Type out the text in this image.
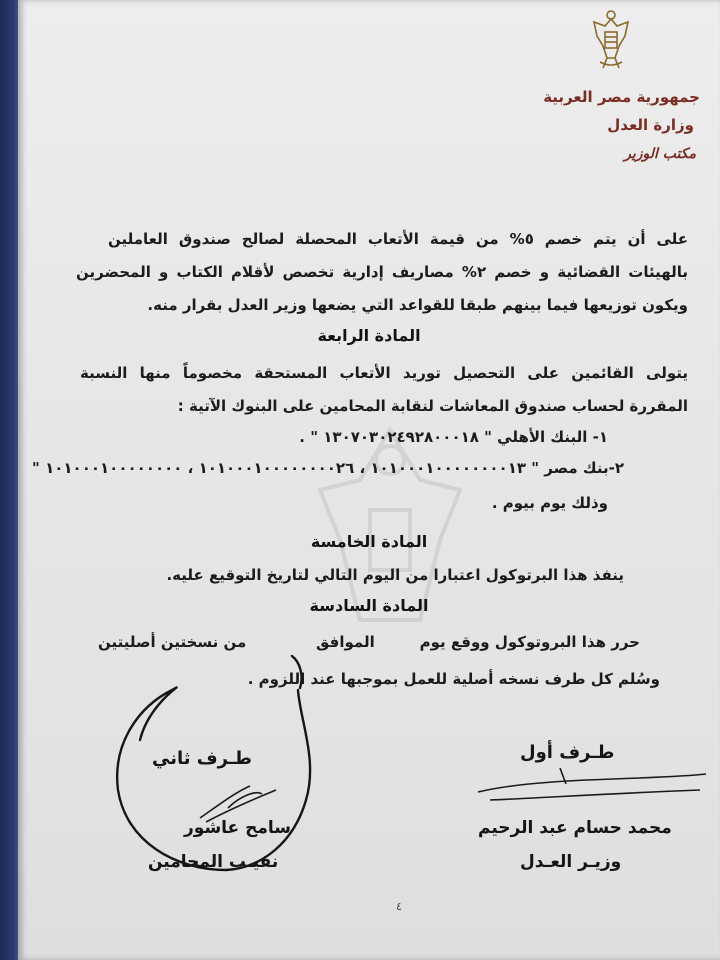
جمهورية مصر العربية
وزارة العدل
مكتب الوزير
على أن يتم خصم ٥% من قيمة الأتعاب المحصلة لصالح صندوق العاملين
بالهيئات القضائية و خصم ٢% مصاريف إدارية تخصص لأقلام الكتاب و المحضرين
ويكون توزيعها فيما بينهم طبقا للقواعد التي يضعها وزير العدل بقرار منه.
المادة الرابعة
يتولى القائمين على التحصيل توريد الأتعاب المستحقة مخصوماً منها النسبة
المقررة لحساب صندوق المعاشات لنقابة المحامين على البنوك الآتية :
١- البنك الأهلي " ١٣٠٧٠٣٠٢٤٩٢٨٠٠٠١٨ " .
٢-بنك مصر " ١٠١٠٠٠١٠٠٠٠٠٠٠٠١٣ ، ١٠١٠٠٠١٠٠٠٠٠٠٠٠٢٦ ، ١٠١٠٠٠١٠٠٠٠٠٠٠٠ "
وذلك يوم بيوم .
المادة الخامسة
ينفذ هذا البرتوكول اعتبارا من اليوم التالي لتاريخ التوقيع عليه.
المادة السادسة
حرر هذا البروتوكول ووقع يوم
الموافق
من نسختين أصليتين
وسُلم كل طرف نسخه أصلية للعمل بموجبها عند اللزوم .
طـرف أول
محمد حسام عبد الرحيم
وزيـر العـدل
طـرف ثاني
سامح عاشور
نقيـب المحامين
٤
